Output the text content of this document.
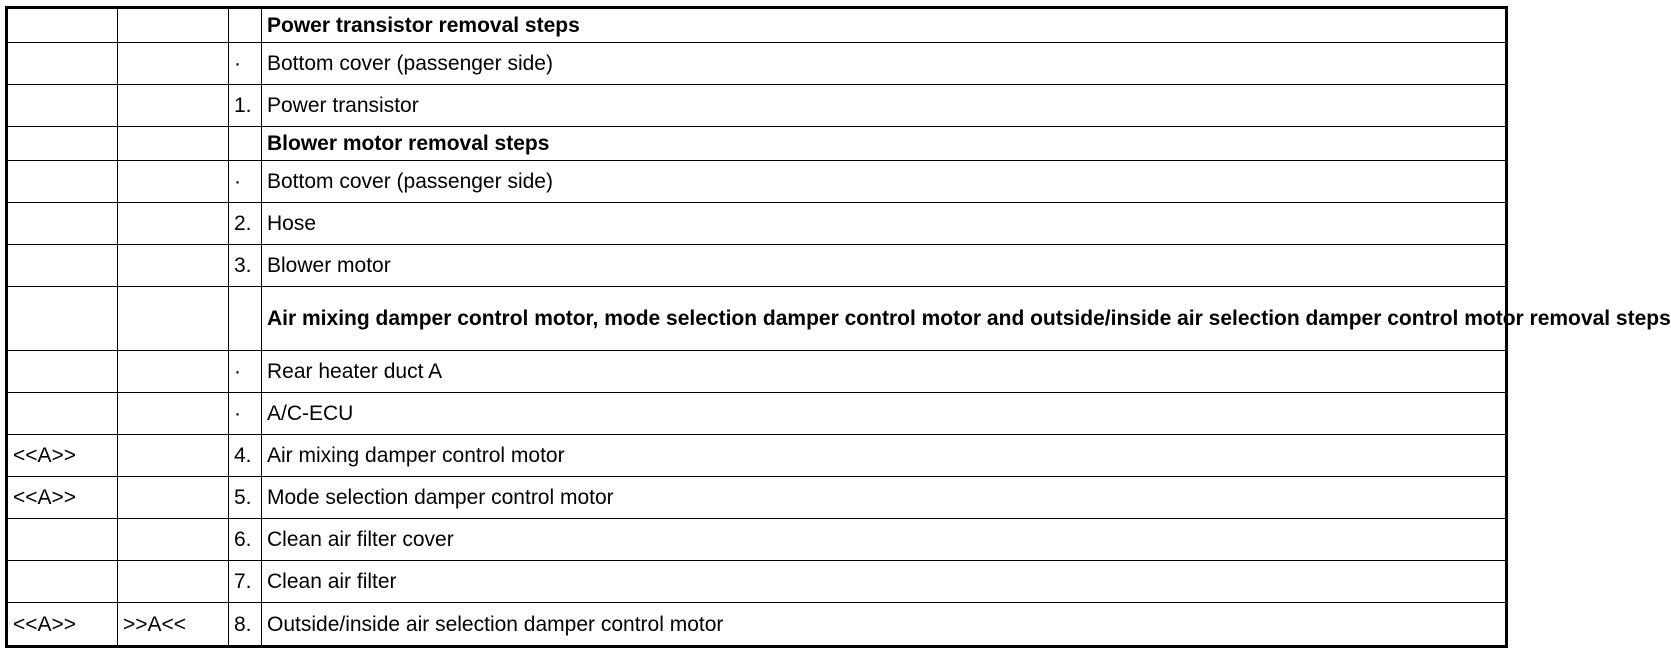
			Power transistor removal steps
		·	Bottom cover (passenger side)
		1.	Power transistor
			Blower motor removal steps
		·	Bottom cover (passenger side)
		2.	Hose
		3.	Blower motor
			Air mixing damper control motor, mode selection damper control motor and outside/inside air selection damper control motor removal steps
		·	Rear heater duct A
		·	A/C-ECU
<<A>>		4.	Air mixing damper control motor
<<A>>		5.	Mode selection damper control motor
		6.	Clean air filter cover
		7.	Clean air filter
<<A>>	>>A<<	8.	Outside/inside air selection damper control motor
